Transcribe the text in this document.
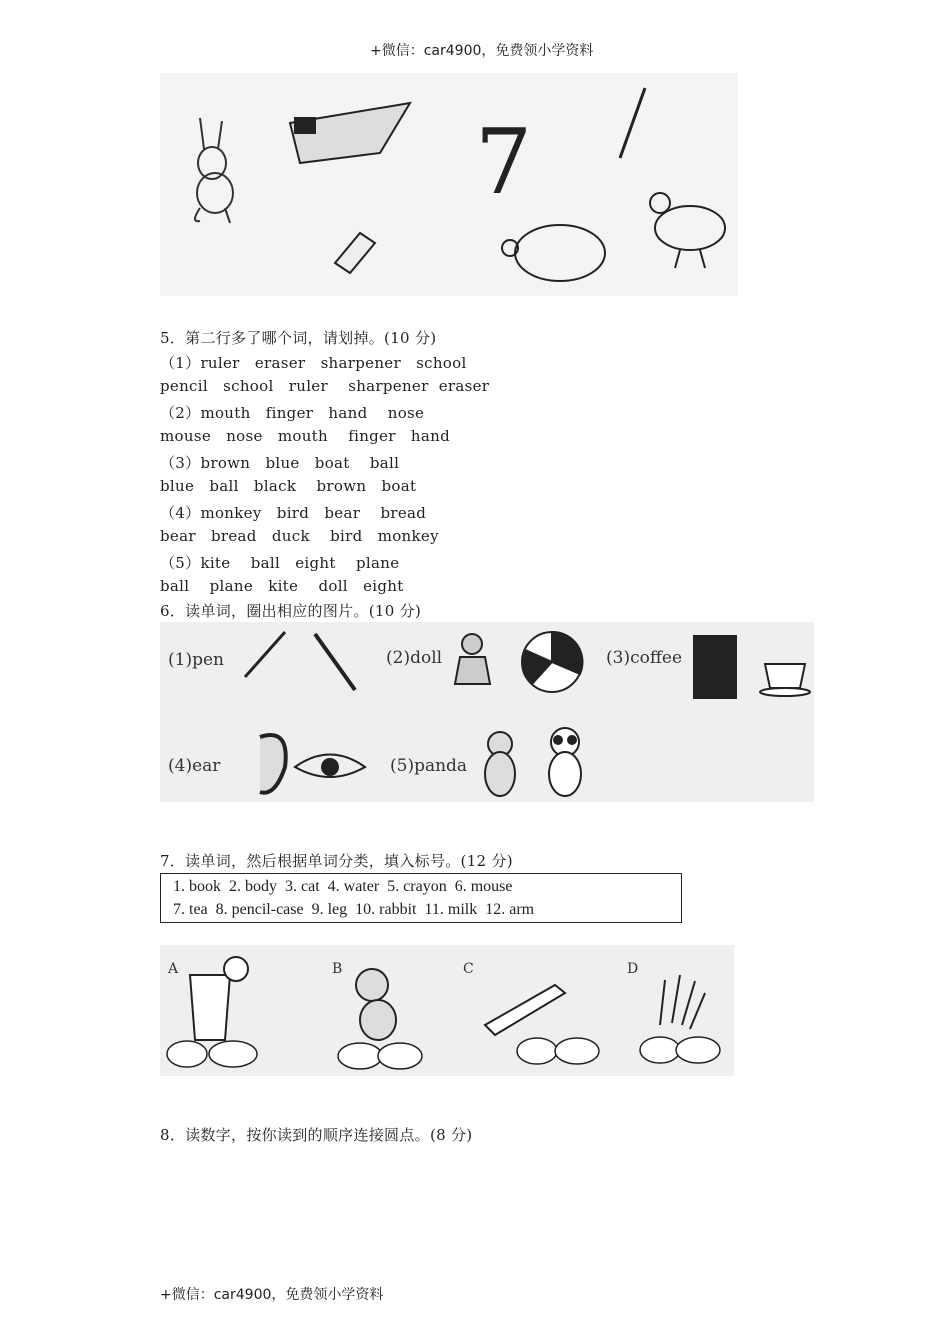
+微信：car4900，免费领小学资料
7
5．第二行多了哪个词，请划掉。(10 分)
（1）ruler   eraser   sharpener   school
pencil   school   ruler    sharpener  eraser
（2）mouth   finger   hand    nose
mouse   nose   mouth    finger   hand
（3）brown   blue   boat    ball
blue   ball   black    brown   boat
（4）monkey   bird   bear    bread
bear   bread   duck    bird   monkey
（5）kite    ball   eight    plane
ball    plane   kite    doll   eight
6．读单词，圈出相应的图片。(10 分)
(1)pen	(2)doll	(3)coffee
(4)ear	(5)panda
7．读单词，然后根据单词分类，填入标号。(12 分)
1. book  2. body  3. cat  4. water  5. crayon  6. mouse
7. tea  8. pencil-case  9. leg  10. rabbit  11. milk  12. arm
A	B	C	D
8．读数字，按你读到的顺序连接圆点。(8 分)
+微信：car4900，免费领小学资料
